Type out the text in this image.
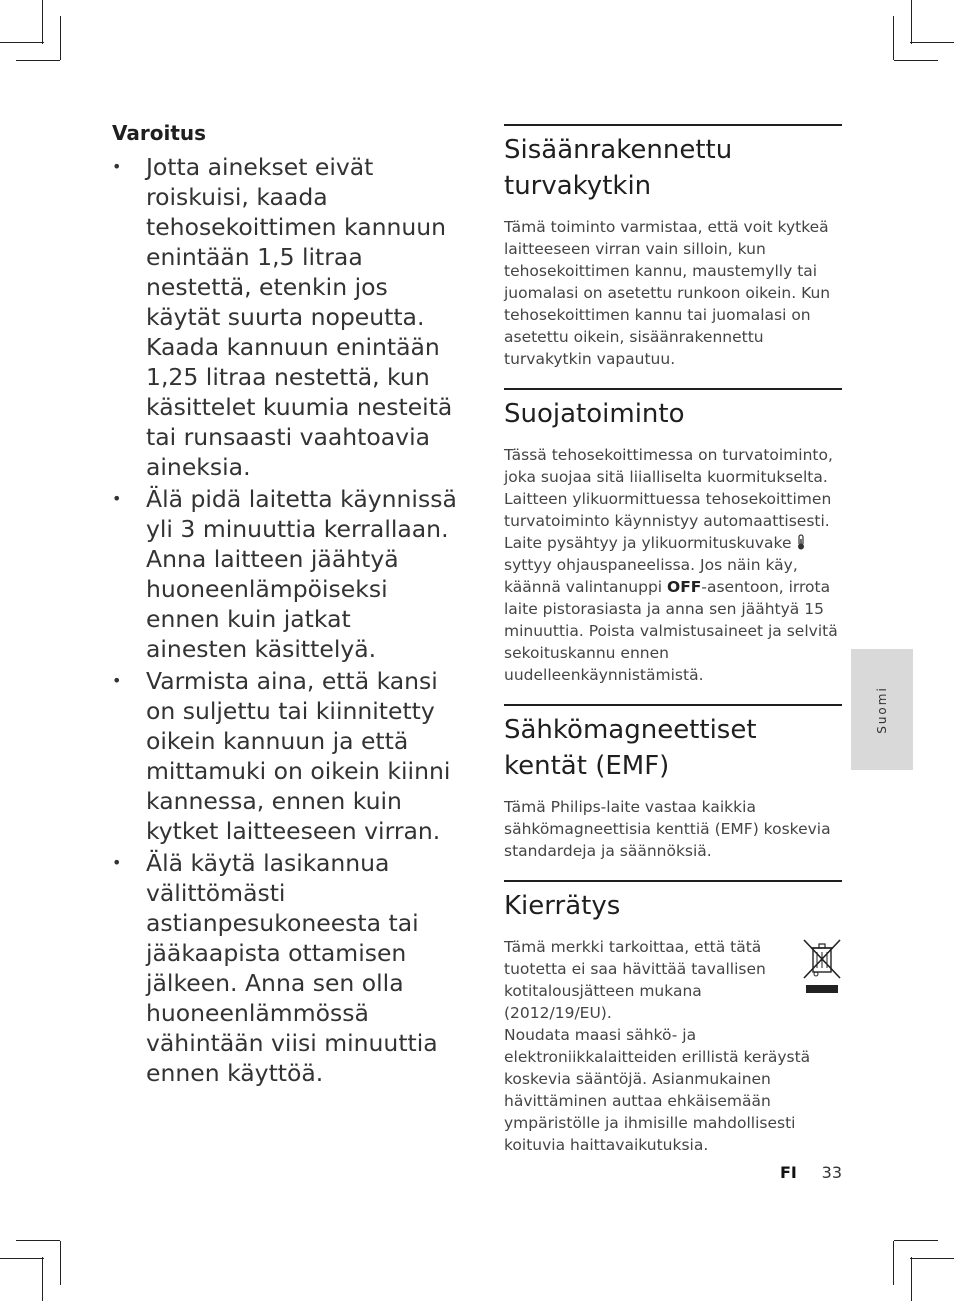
Varoitus
• Jotta ainekset eivät roiskuisi, kaada tehosekoittimen kannuun enintään 1,5 litraa nestettä, etenkin jos käytät suurta nopeutta. Kaada kannuun enintään 1,25 litraa nestettä, kun käsittelet kuumia nesteitä tai runsaasti vaahtoavia aineksia.
• Älä pidä laitetta käynnissä yli 3 minuuttia kerrallaan. Anna laitteen jäähtyä huoneenlämpöiseksi ennen kuin jatkat ainesten käsittelyä.
• Varmista aina, että kansi on suljettu tai kiinnitetty oikein kannuun ja että mittamuki on oikein kiinni kannessa, ennen kuin kytket laitteeseen virran.
• Älä käytä lasikannua välittömästi astianpesukoneesta tai jääkaapista ottamisen jälkeen. Anna sen olla huoneenlämmössä vähintään viisi minuuttia ennen käyttöä.
Sisäänrakennettu turvakytkin

Tämä toiminto varmistaa, että voit kytkeä laitteeseen virran vain silloin, kun tehosekoittimen kannu, maustemylly tai juomalasi on asetettu runkoon oikein. Kun tehosekoittimen kannu tai juomalasi on asetettu oikein, sisäänrakennettu turvakytkin vapautuu.

Suojatoiminto

Tässä tehosekoittimessa on turvatoiminto, joka suojaa sitä liialliselta kuormitukselta. Laitteen ylikuormittuessa tehosekoittimen turvatoiminto käynnistyy automaattisesti. Laite pysähtyy ja ylikuormituskuvake syttyy ohjauspaneelissa. Jos näin käy, käännä valintanuppi OFF-asentoon, irrota laite pistorasiasta ja anna sen jäähtyä 15 minuuttia. Poista valmistusaineet ja selvitä sekoituskannu ennen uudelleenkäynnistämistä.

Sähkömagneettiset kentät (EMF)

Tämä Philips-laite vastaa kaikkia sähkömagneettisia kenttiä (EMF) koskevia standardeja ja säännöksiä.

Kierrätys

Tämä merkki tarkoittaa, että tätä tuotetta ei saa hävittää tavallisen kotitalousjätteen mukana (2012/19/EU).

Noudata maasi sähkö- ja elektroniikkalaitteiden erillistä keräystä koskevia sääntöjä. Asianmukainen hävittäminen auttaa ehkäisemään ympäristölle ja ihmisille mahdollisesti koituvia haittavaikutuksia.

Suomi
FI 33
